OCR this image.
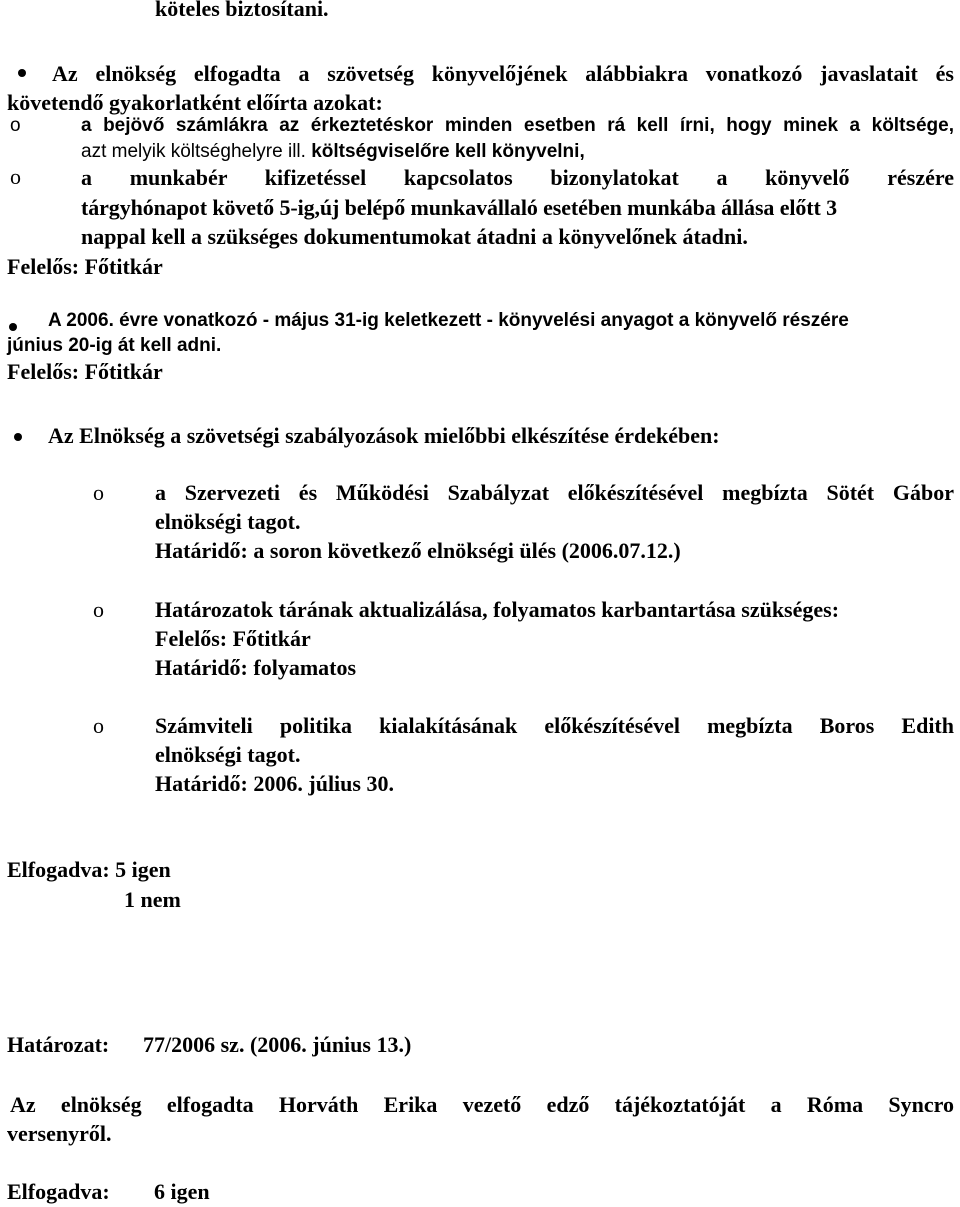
köteles biztosítani.

Az elnökség elfogadta a szövetség könyvelőjének alábbiakra vonatkozó javaslatait és

követendő gyakorlatként előírta azokat:

o	a bejövő számlákra az érkeztetéskor minden esetben rá kell írni, hogy minek a költsége,

azt melyik költséghelyre ill. költségviselőre kell könyvelni,

o	a munkabér kifizetéssel kapcsolatos bizonylatokat a könyvelő részére

tárgyhónapot követő 5-ig,új belépő munkavállaló esetében munkába állása előtt 3

nappal kell a szükséges dokumentumokat átadni a könyvelőnek átadni.

Felelős: Főtitkár

A 2006. évre vonatkozó - május 31-ig keletkezett - könyvelési anyagot a könyvelő részére

június 20-ig át kell adni.

Felelős: Főtitkár

Az Elnökség a szövetségi szabályozások mielőbbi elkészítése érdekében:

o a Szervezeti és Működési Szabályzat előkészítésével megbízta Sötét Gábor

elnökségi tagot.

Határidő: a soron következő elnökségi ülés (2006.07.12.)

o Határozatok tárának aktualizálása, folyamatos karbantartása szükséges:

Felelős: Főtitkár

Határidő: folyamatos

o Számviteli politika kialakításának előkészítésével megbízta Boros Edith

elnökségi tagot.

Határidő: 2006. július 30.

Elfogadva: 5 igen

1 nem

Határozat: 77/2006 sz. (2006. június 13.)

Az elnökség elfogadta Horváth Erika vezető edző tájékoztatóját a Róma Syncro

versenyről.

Elfogadva: 6 igen
